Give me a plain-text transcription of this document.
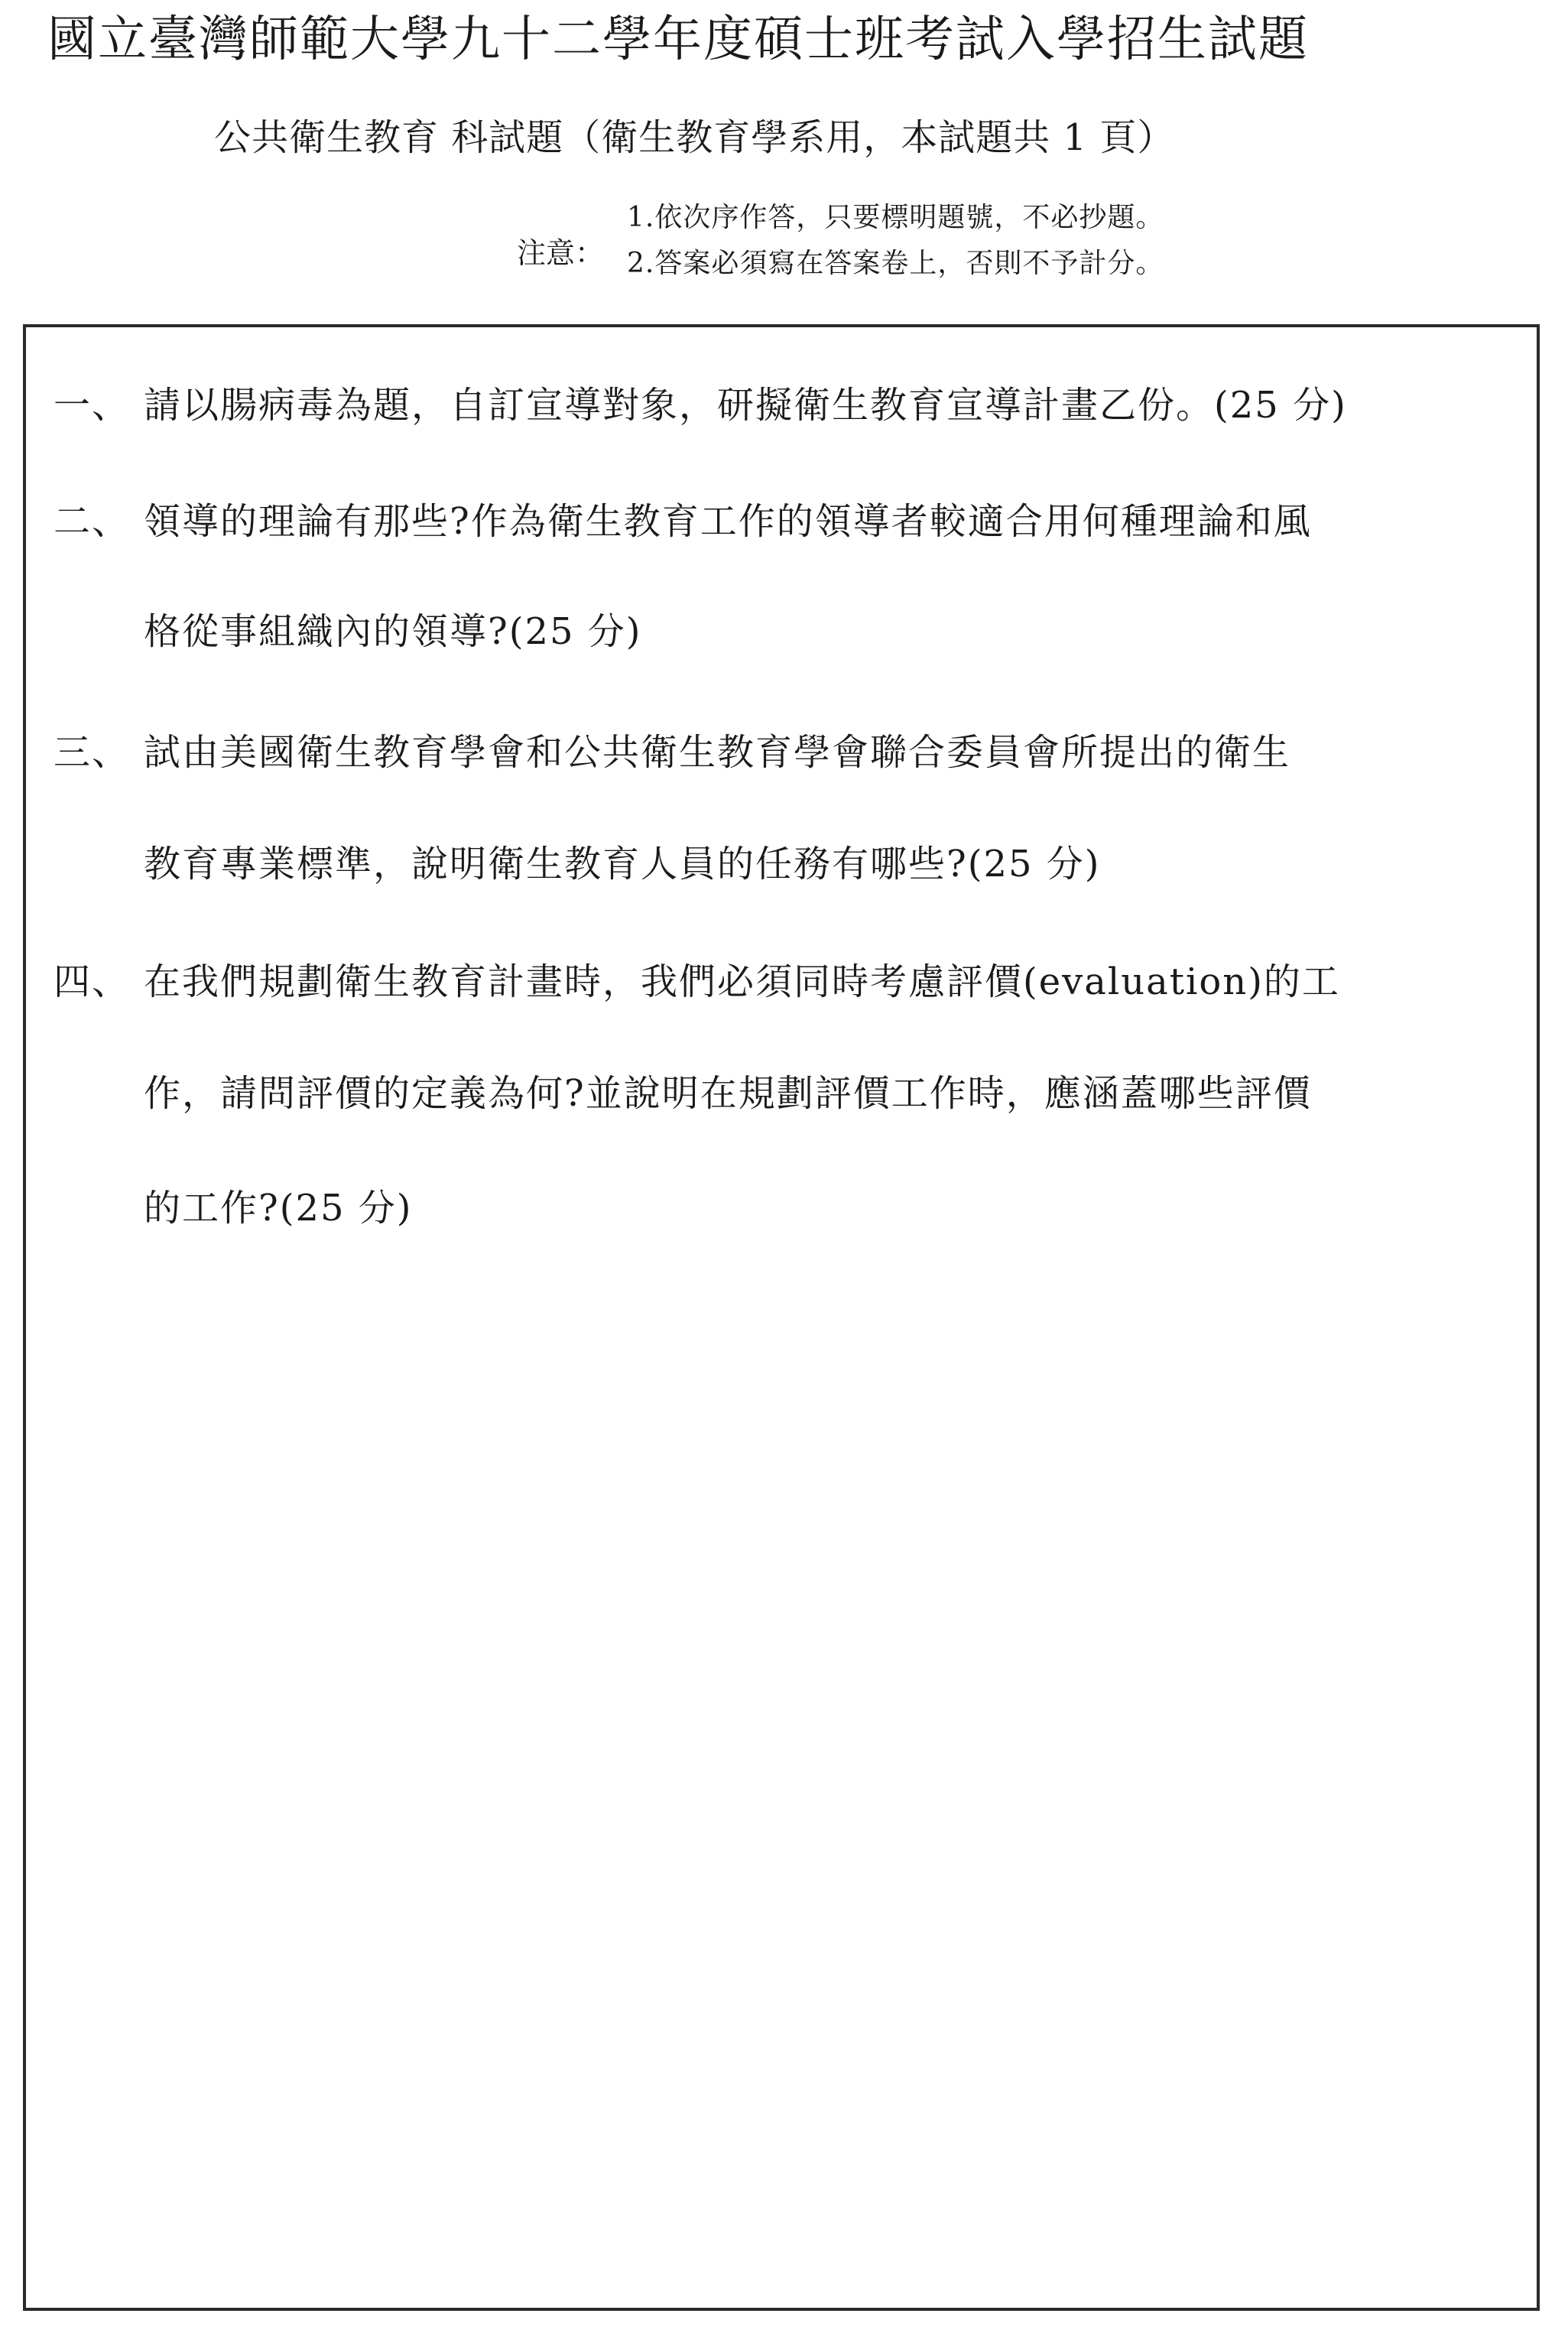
國立臺灣師範大學九十二學年度碩士班考試入學招生試題
公共衛生教育 科試題（衛生教育學系用，本試題共 1 頁）
注意：
1.依次序作答，只要標明題號，不必抄題。
2.答案必須寫在答案卷上，否則不予計分。
一、 請以腸病毒為題，自訂宣導對象，研擬衛生教育宣導計畫乙份。(25 分)
二、 領導的理論有那些?作為衛生教育工作的領導者較適合用何種理論和風
格從事組織內的領導?(25 分)
三、 試由美國衛生教育學會和公共衛生教育學會聯合委員會所提出的衛生
教育專業標準，說明衛生教育人員的任務有哪些?(25 分)
四、 在我們規劃衛生教育計畫時，我們必須同時考慮評價(evaluation)的工
作，請問評價的定義為何?並說明在規劃評價工作時，應涵蓋哪些評價
的工作?(25 分)
